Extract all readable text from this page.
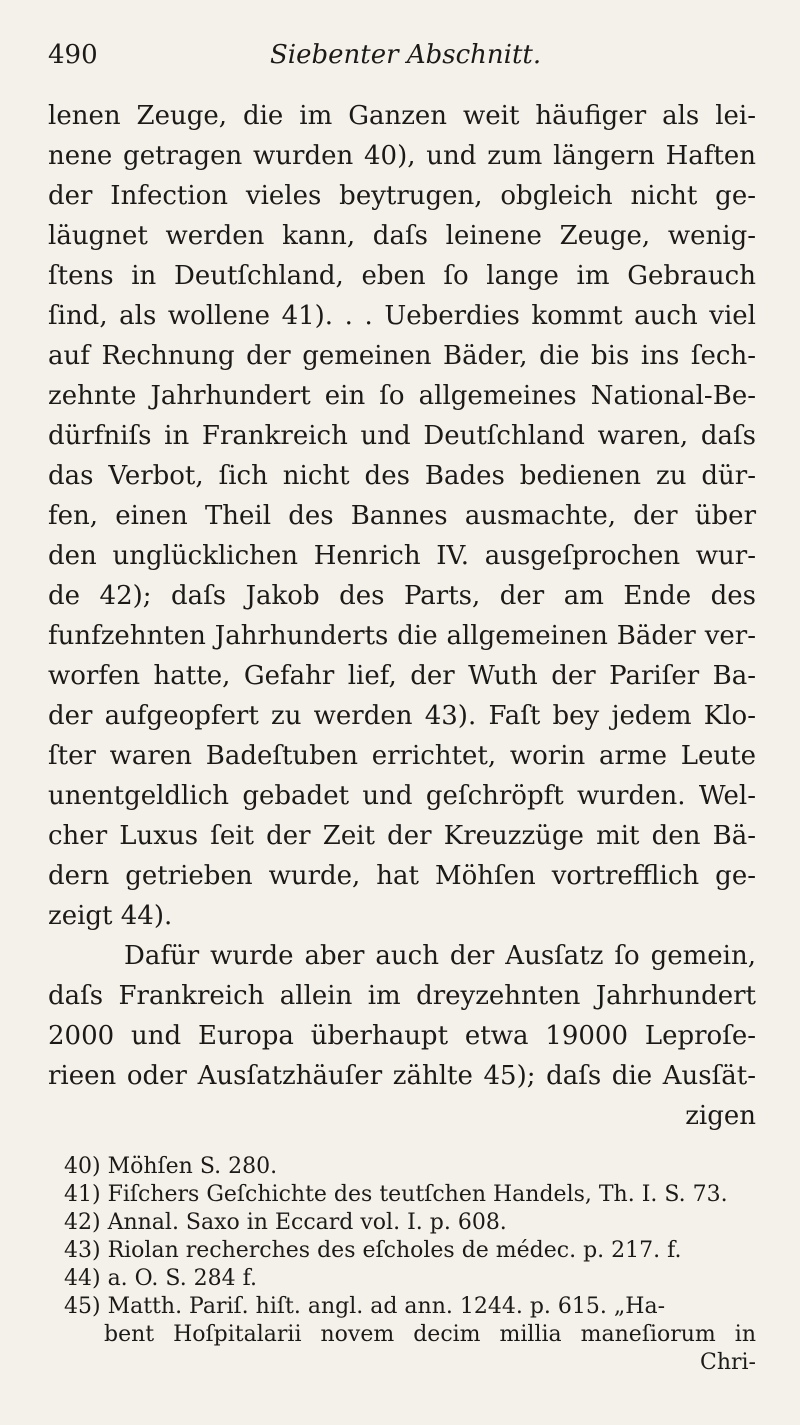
490	Siebenter Abschnitt.
lenen Zeuge, die im Ganzen weit häufiger als lei-
nene getragen wurden 40), und zum längern Haften
der Infection vieles beytrugen, obgleich nicht ge-
läugnet werden kann, daſs leinene Zeuge, wenig-
ſtens in Deutſchland, eben ſo lange im Gebrauch
ſind, als wollene 41). . . Ueberdies kommt auch viel
auf Rechnung der gemeinen Bäder, die bis ins ſech-
zehnte Jahrhundert ein ſo allgemeines National-Be-
dürfniſs in Frankreich und Deutſchland waren, daſs
das Verbot, ſich nicht des Bades bedienen zu dür-
fen, einen Theil des Bannes ausmachte, der über
den unglücklichen Henrich IV. ausgeſprochen wur-
de 42); daſs Jakob des Parts, der am Ende des
funfzehnten Jahrhunderts die allgemeinen Bäder ver-
worfen hatte, Gefahr lief, der Wuth der Pariſer Ba-
der aufgeopfert zu werden 43). Faſt bey jedem Klo-
ſter waren Badeſtuben errichtet, worin arme Leute
unentgeldlich gebadet und geſchröpft wurden. Wel-
cher Luxus ſeit der Zeit der Kreuzzüge mit den Bä-
dern getrieben wurde, hat Möhſen vortrefflich ge-
zeigt 44).
Dafür wurde aber auch der Ausſatz ſo gemein,
daſs Frankreich allein im dreyzehnten Jahrhundert
2000 und Europa überhaupt etwa 19000 Leproſe-
rieen oder Ausſatzhäuſer zählte 45); daſs die Ausſät-
zigen
40) Möhſen S. 280.
41) Fiſchers Geſchichte des teutſchen Handels, Th. I. S. 73.
42) Annal. Saxo in Eccard vol. I. p. 608.
43) Riolan recherches des eſcholes de médec. p. 217. f.
44) a. O. S. 284 f.
45) Matth. Pariſ. hiſt. angl. ad ann. 1244. p. 615. „Ha-
bent Hoſpitalarii novem decim millia maneſiorum in
Chri-
